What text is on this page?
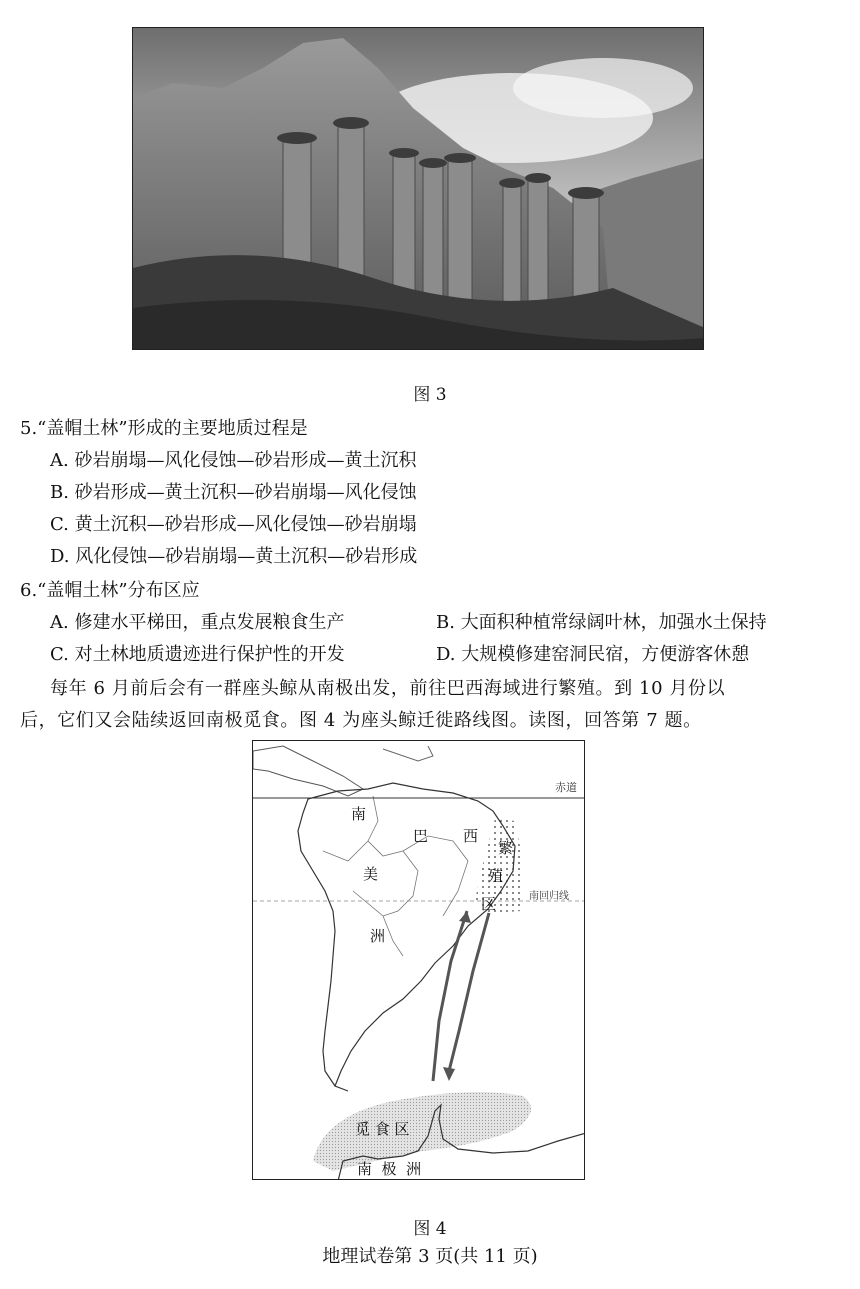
图 3
5.“盖帽土林”形成的主要地质过程是
A. 砂岩崩塌—风化侵蚀—砂岩形成—黄土沉积
B. 砂岩形成—黄土沉积—砂岩崩塌—风化侵蚀
C. 黄土沉积—砂岩形成—风化侵蚀—砂岩崩塌
D. 风化侵蚀—砂岩崩塌—黄土沉积—砂岩形成
6.“盖帽土林”分布区应
A. 修建水平梯田，重点发展粮食生产	B. 大面积种植常绿阔叶林，加强水土保持
C. 对土林地质遗迹进行保护性的开发	D. 大规模修建窑洞民宿，方便游客休憩
每年 6 月前后会有一群座头鲸从南极出发，前往巴西海域进行繁殖。到 10 月份以
后，它们又会陆续返回南极觅食。图 4 为座头鲸迁徙路线图。读图，回答第 7 题。
赤道
南回归线
南
美
洲
巴 西
繁
殖
区
觅 食 区
南  极  洲
图 4
地理试卷第 3 页(共 11 页)
